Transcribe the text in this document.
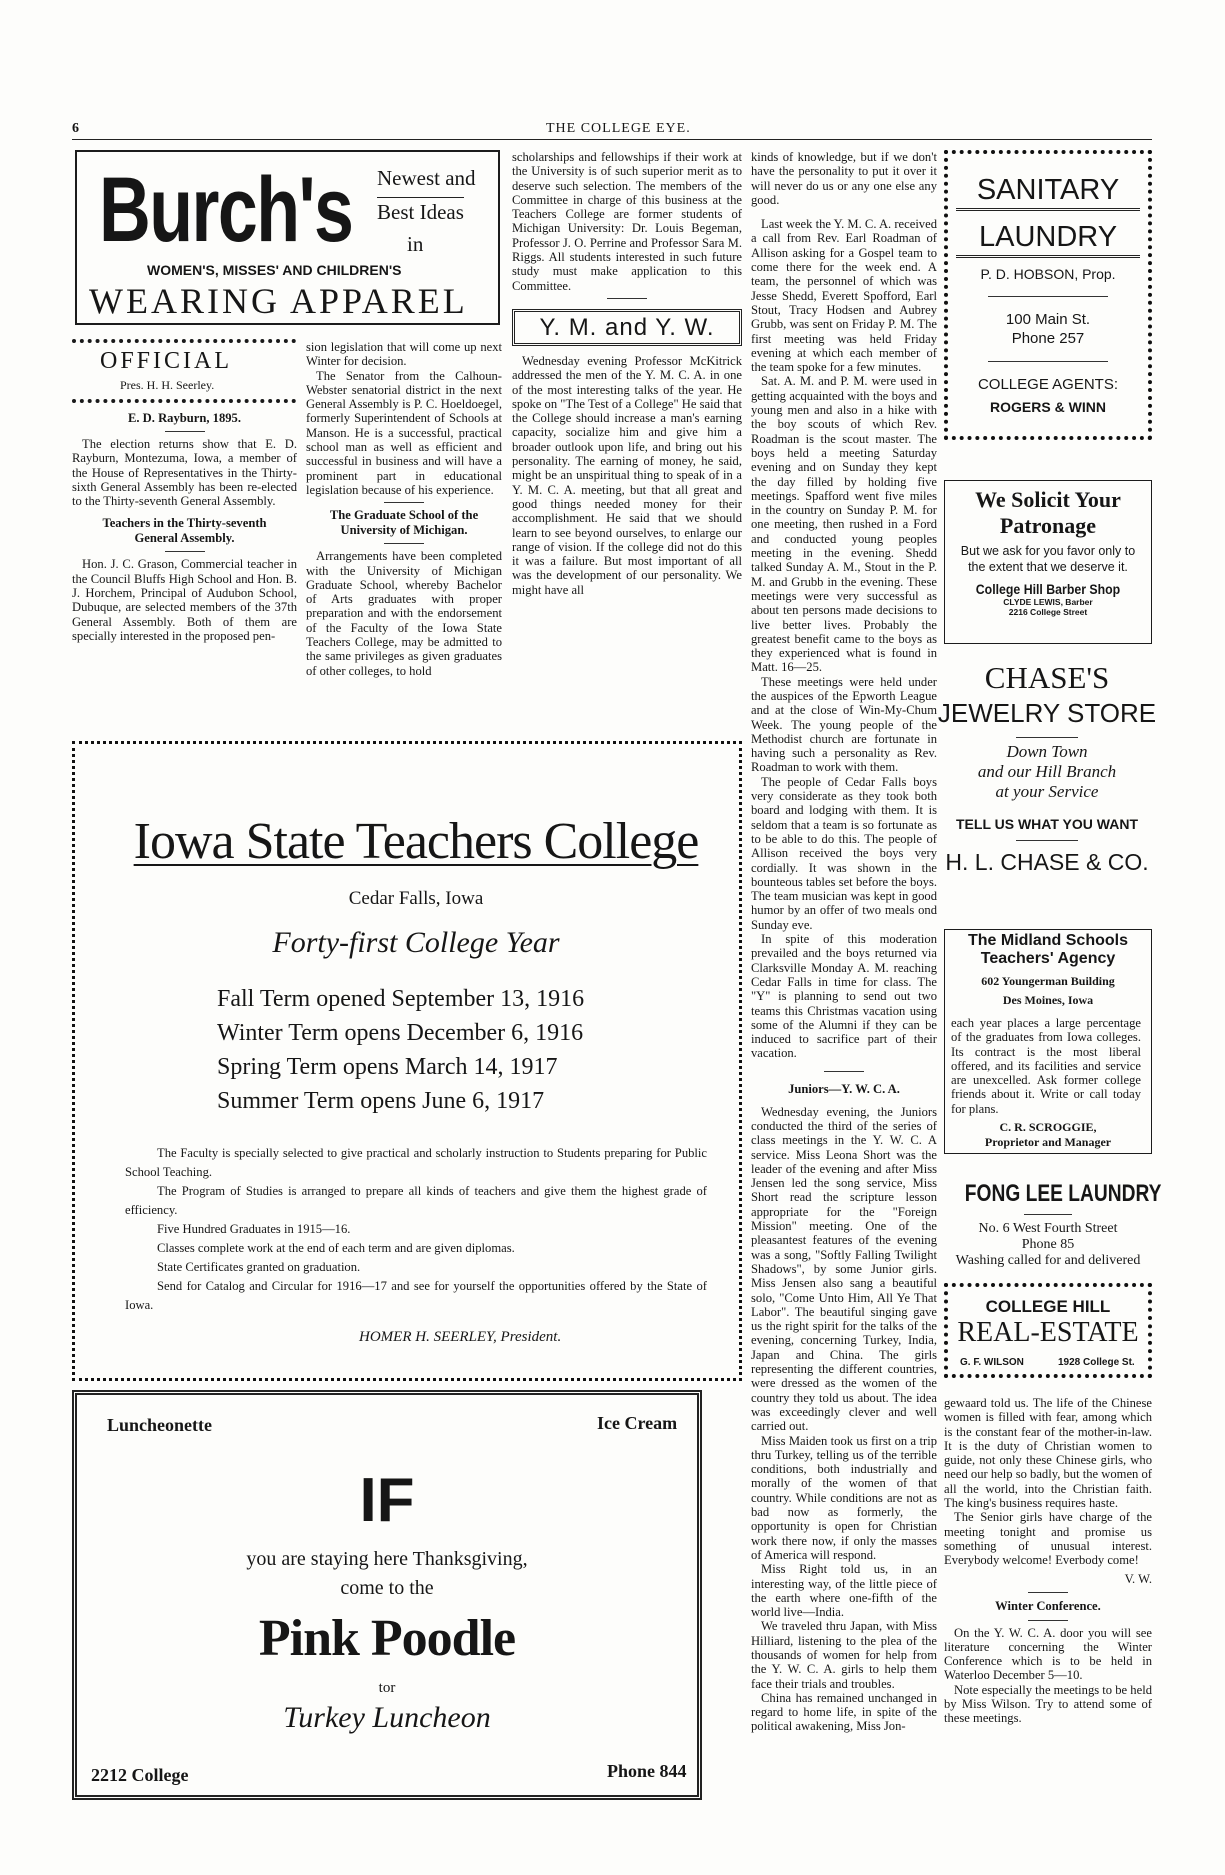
6	THE COLLEGE EYE.
Burch's Newest and
Best Ideas
in
WOMEN'S, MISSES' AND CHILDREN'S
WEARING APPAREL
OFFICIAL
Pres. H. H. Seerley.
E. D. Rayburn, 1895.

The election returns show that E. D. Rayburn, Montezuma, Iowa, a member of the House of Representatives in the Thirty-sixth General Assembly has been re-elected to the Thirty-seventh General Assembly.

Teachers in the Thirty-seventh General Assembly.

Hon. J. C. Grason, Commercial teacher in the Council Bluffs High School and Hon. B. J. Horchem, Principal of Audubon School, Dubuque, are selected members of the 37th General Assembly. Both of them are specially interested in the proposed pen-

sion legislation that will come up next Winter for decision.

The Senator from the Calhoun-Webster senatorial district in the next General Assembly is P. C. Hoeldoegel, formerly Superintendent of Schools at Manson. He is a successful, practical school man as well as efficient and successful in business and will have a prominent part in educational legislation because of his experience.

The Graduate School of the University of Michigan.

Arrangements have been completed with the University of Michigan Graduate School, whereby Bachelor of Arts graduates with proper preparation and with the endorsement of the Faculty of the Iowa State Teachers College, may be admitted to the same privileges as given graduates of other colleges, to hold

scholarships and fellowships if their work at the University is of such superior merit as to deserve such selection. The members of the Committee in charge of this business at the Teachers College are former students of Michigan University: Dr. Louis Begeman, Professor J. O. Perrine and Professor Sara M. Riggs. All students interested in such future study must make application to this Committee.

Y. M. and Y. W.

Wednesday evening Professor McKitrick addressed the men of the Y. M. C. A. in one of the most interesting talks of the year. He spoke on "The Test of a College" He said that the College should increase a man's earning capacity, socialize him and give him a broader outlook upon life, and bring out his personality. The earning of money, he said, might be an unspiritual thing to speak of in a Y. M. C. A. meeting, but that all great and good things needed money for their accomplishment. He said that we should learn to see beyond ourselves, to enlarge our range of vision. If the college did not do this it was a failure. But most important of all was the development of our personality. We might have all

kinds of knowledge, but if we don't have the personality to put it over it will never do us or any one else any good.

Last week the Y. M. C. A. received a call from Rev. Earl Roadman of Allison asking for a Gospel team to come there for the week end. A team, the personnel of which was Jesse Shedd, Everett Spofford, Earl Stout, Tracy Hodsen and Aubrey Grubb, was sent on Friday P. M. The first meeting was held Friday evening at which each member of the team spoke for a few minutes.

Sat. A. M. and P. M. were used in getting acquainted with the boys and young men and also in a hike with the boy scouts of which Rev. Roadman is the scout master. The boys held a meeting Saturday evening and on Sunday they kept the day filled by holding five meetings. Spafford went five miles in the country on Sunday P. M. for one meeting, then rushed in a Ford and conducted young peoples meeting in the evening. Shedd talked Sunday A. M., Stout in the P. M. and Grubb in the evening. These meetings were very successful as about ten persons made decisions to live better lives. Probably the greatest benefit came to the boys as they experienced what is found in Matt. 16—25.

These meetings were held under the auspices of the Epworth League and at the close of Win-My-Chum Week. The young people of the Methodist church are fortunate in having such a personality as Rev. Roadman to work with them.

The people of Cedar Falls boys very considerate as they took both board and lodging with them. It is seldom that a team is so fortunate as to be able to do this. The people of Allison received the boys very cordially. It was shown in the bounteous tables set before the boys. The team musician was kept in good humor by an offer of two meals ond Sunday eve.

In spite of this moderation prevailed and the boys returned via Clarksville Monday A. M. reaching Cedar Falls in time for class. The "Y" is planning to send out two teams this Christmas vacation using some of the Alumni if they can be induced to sacrifice part of their vacation.

Juniors—Y. W. C. A.

Wednesday evening, the Juniors conducted the third of the series of class meetings in the Y. W. C. A service. Miss Leona Short was the leader of the evening and after Miss Jensen led the song service, Miss Short read the scripture lesson appropriate for the "Foreign Mission" meeting. One of the pleasantest features of the evening was a song, "Softly Falling Twilight Shadows", by some Junior girls. Miss Jensen also sang a beautiful solo, "Come Unto Him, All Ye That Labor". The beautiful singing gave us the right spirit for the talks of the evening, concerning Turkey, India, Japan and China. The girls representing the different countries, were dressed as the women of the country they told us about. The idea was exceedingly clever and well carried out.

Miss Maiden took us first on a trip thru Turkey, telling us of the terrible conditions, both industrially and morally of the women of that country. While conditions are not as bad now as formerly, the opportunity is open for Christian work there now, if only the masses of America will respond.

Miss Right told us, in an interesting way, of the little piece of the earth where one-fifth of the world live—India.

We traveled thru Japan, with Miss Hilliard, listening to the plea of the thousands of women for help from the Y. W. C. A. girls to help them face their trials and troubles.

China has remained unchanged in regard to home life, in spite of the political awakening, Miss Jon-

Iowa State Teachers College
Cedar Falls, Iowa
Forty-first College Year
Fall Term opened September 13, 1916
Winter Term opens December 6, 1916
Spring Term opens March 14, 1917
Summer Term opens June 6, 1917

The Faculty is specially selected to give practical and scholarly instruction to Students preparing for Public School Teaching.

The Program of Studies is arranged to prepare all kinds of teachers and give them the highest grade of efficiency.

Five Hundred Graduates in 1915—16.

Classes complete work at the end of each term and are given diplomas.

State Certificates granted on graduation.

Send for Catalog and Circular for 1916—17 and see for yourself the opportunities offered by the State of Iowa.

HOMER H. SEERLEY, President.
Luncheonette	Ice Cream
IF
you are staying here Thanksgiving, come to the
Pink Poodle
tor
Turkey Luncheon
2212 College	Phone 844
SANITARY
LAUNDRY
P. D. HOBSON, Prop.
100 Main St.
Phone 257
COLLEGE AGENTS:
ROGERS & WINN
We Solicit Your
Patronage
But we ask for you favor only to the extent that we deserve it.
College Hill Barber Shop
CLYDE LEWIS, Barber
2216 College Street
CHASE'S
JEWELRY STORE
Down Town
and our Hill Branch
at your Service
TELL US WHAT YOU WANT
H. L. CHASE & CO.
The Midland Schools
Teachers' Agency
602 Youngerman Building
Des Moines, Iowa

each year places a large percentage of the graduates from Iowa colleges. Its contract is the most liberal offered, and its facilities and service are unexcelled. Ask former college friends about it. Write or call today for plans.

C. R. SCROGGIE,
Proprietor and Manager
FONG LEE LAUNDRY
No. 6 West Fourth Street
Phone 85
Washing called for and delivered
COLLEGE HILL
REAL-ESTATE
G. F. WILSON	1928 College St.

gewaard told us. The life of the Chinese women is filled with fear, among which is the constant fear of the mother-in-law. It is the duty of Christian women to guide, not only these Chinese girls, who need our help so badly, but the women of all the world, into the Christian faith. The king's business requires haste.

The Senior girls have charge of the meeting tonight and promise us something of unusual interest. Everybody welcome! Everbody come!

V. W.
Winter Conference.

On the Y. W. C. A. door you will see literature concerning the Winter Conference which is to be held in Waterloo December 5—10.

Note especially the meetings to be held by Miss Wilson. Try to attend some of these meetings.
